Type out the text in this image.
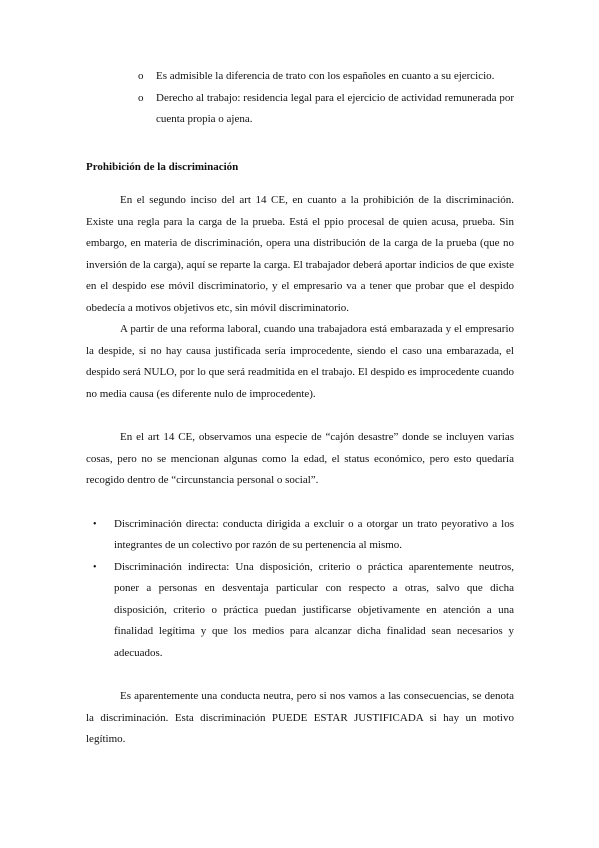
o Es admisible la diferencia de trato con los españoles en cuanto a su ejercicio.
o Derecho al trabajo: residencia legal para el ejercicio de actividad remunerada por cuenta propia o ajena.

Prohibición de la discriminación

En el segundo inciso del art 14 CE, en cuanto a la prohibición de la discriminación. Existe una regla para la carga de la prueba. Está el ppio procesal de quien acusa, prueba. Sin embargo, en materia de discriminación, opera una distribución de la carga de la prueba (que no inversión de la carga), aquí se reparte la carga. El trabajador deberá aportar indicios de que existe en el despido ese móvil discriminatorio, y el empresario va a tener que probar que el despido obedecía a motivos objetivos etc, sin móvil discriminatorio.

A partir de una reforma laboral, cuando una trabajadora está embarazada y el empresario la despide, si no hay causa justificada sería improcedente, siendo el caso una embarazada, el despido será NULO, por lo que será readmitida en el trabajo. El despido es improcedente cuando no media causa (es diferente nulo de improcedente).

En el art 14 CE, observamos una especie de “cajón desastre” donde se incluyen varias cosas, pero no se mencionan algunas como la edad, el status económico, pero esto quedaría recogido dentro de “circunstancia personal o social”.

• Discriminación directa: conducta dirigida a excluir o a otorgar un trato peyorativo a los integrantes de un colectivo por razón de su pertenencia al mismo.
• Discriminación indirecta: Una disposición, criterio o práctica aparentemente neutros, poner a personas en desventaja particular con respecto a otras, salvo que dicha disposición, criterio o práctica puedan justificarse objetivamente en atención a una finalidad legítima y que los medios para alcanzar dicha finalidad sean necesarios y adecuados.

Es aparentemente una conducta neutra, pero si nos vamos a las consecuencias, se denota la discriminación. Esta discriminación PUEDE ESTAR JUSTIFICADA si hay un motivo legítimo.
